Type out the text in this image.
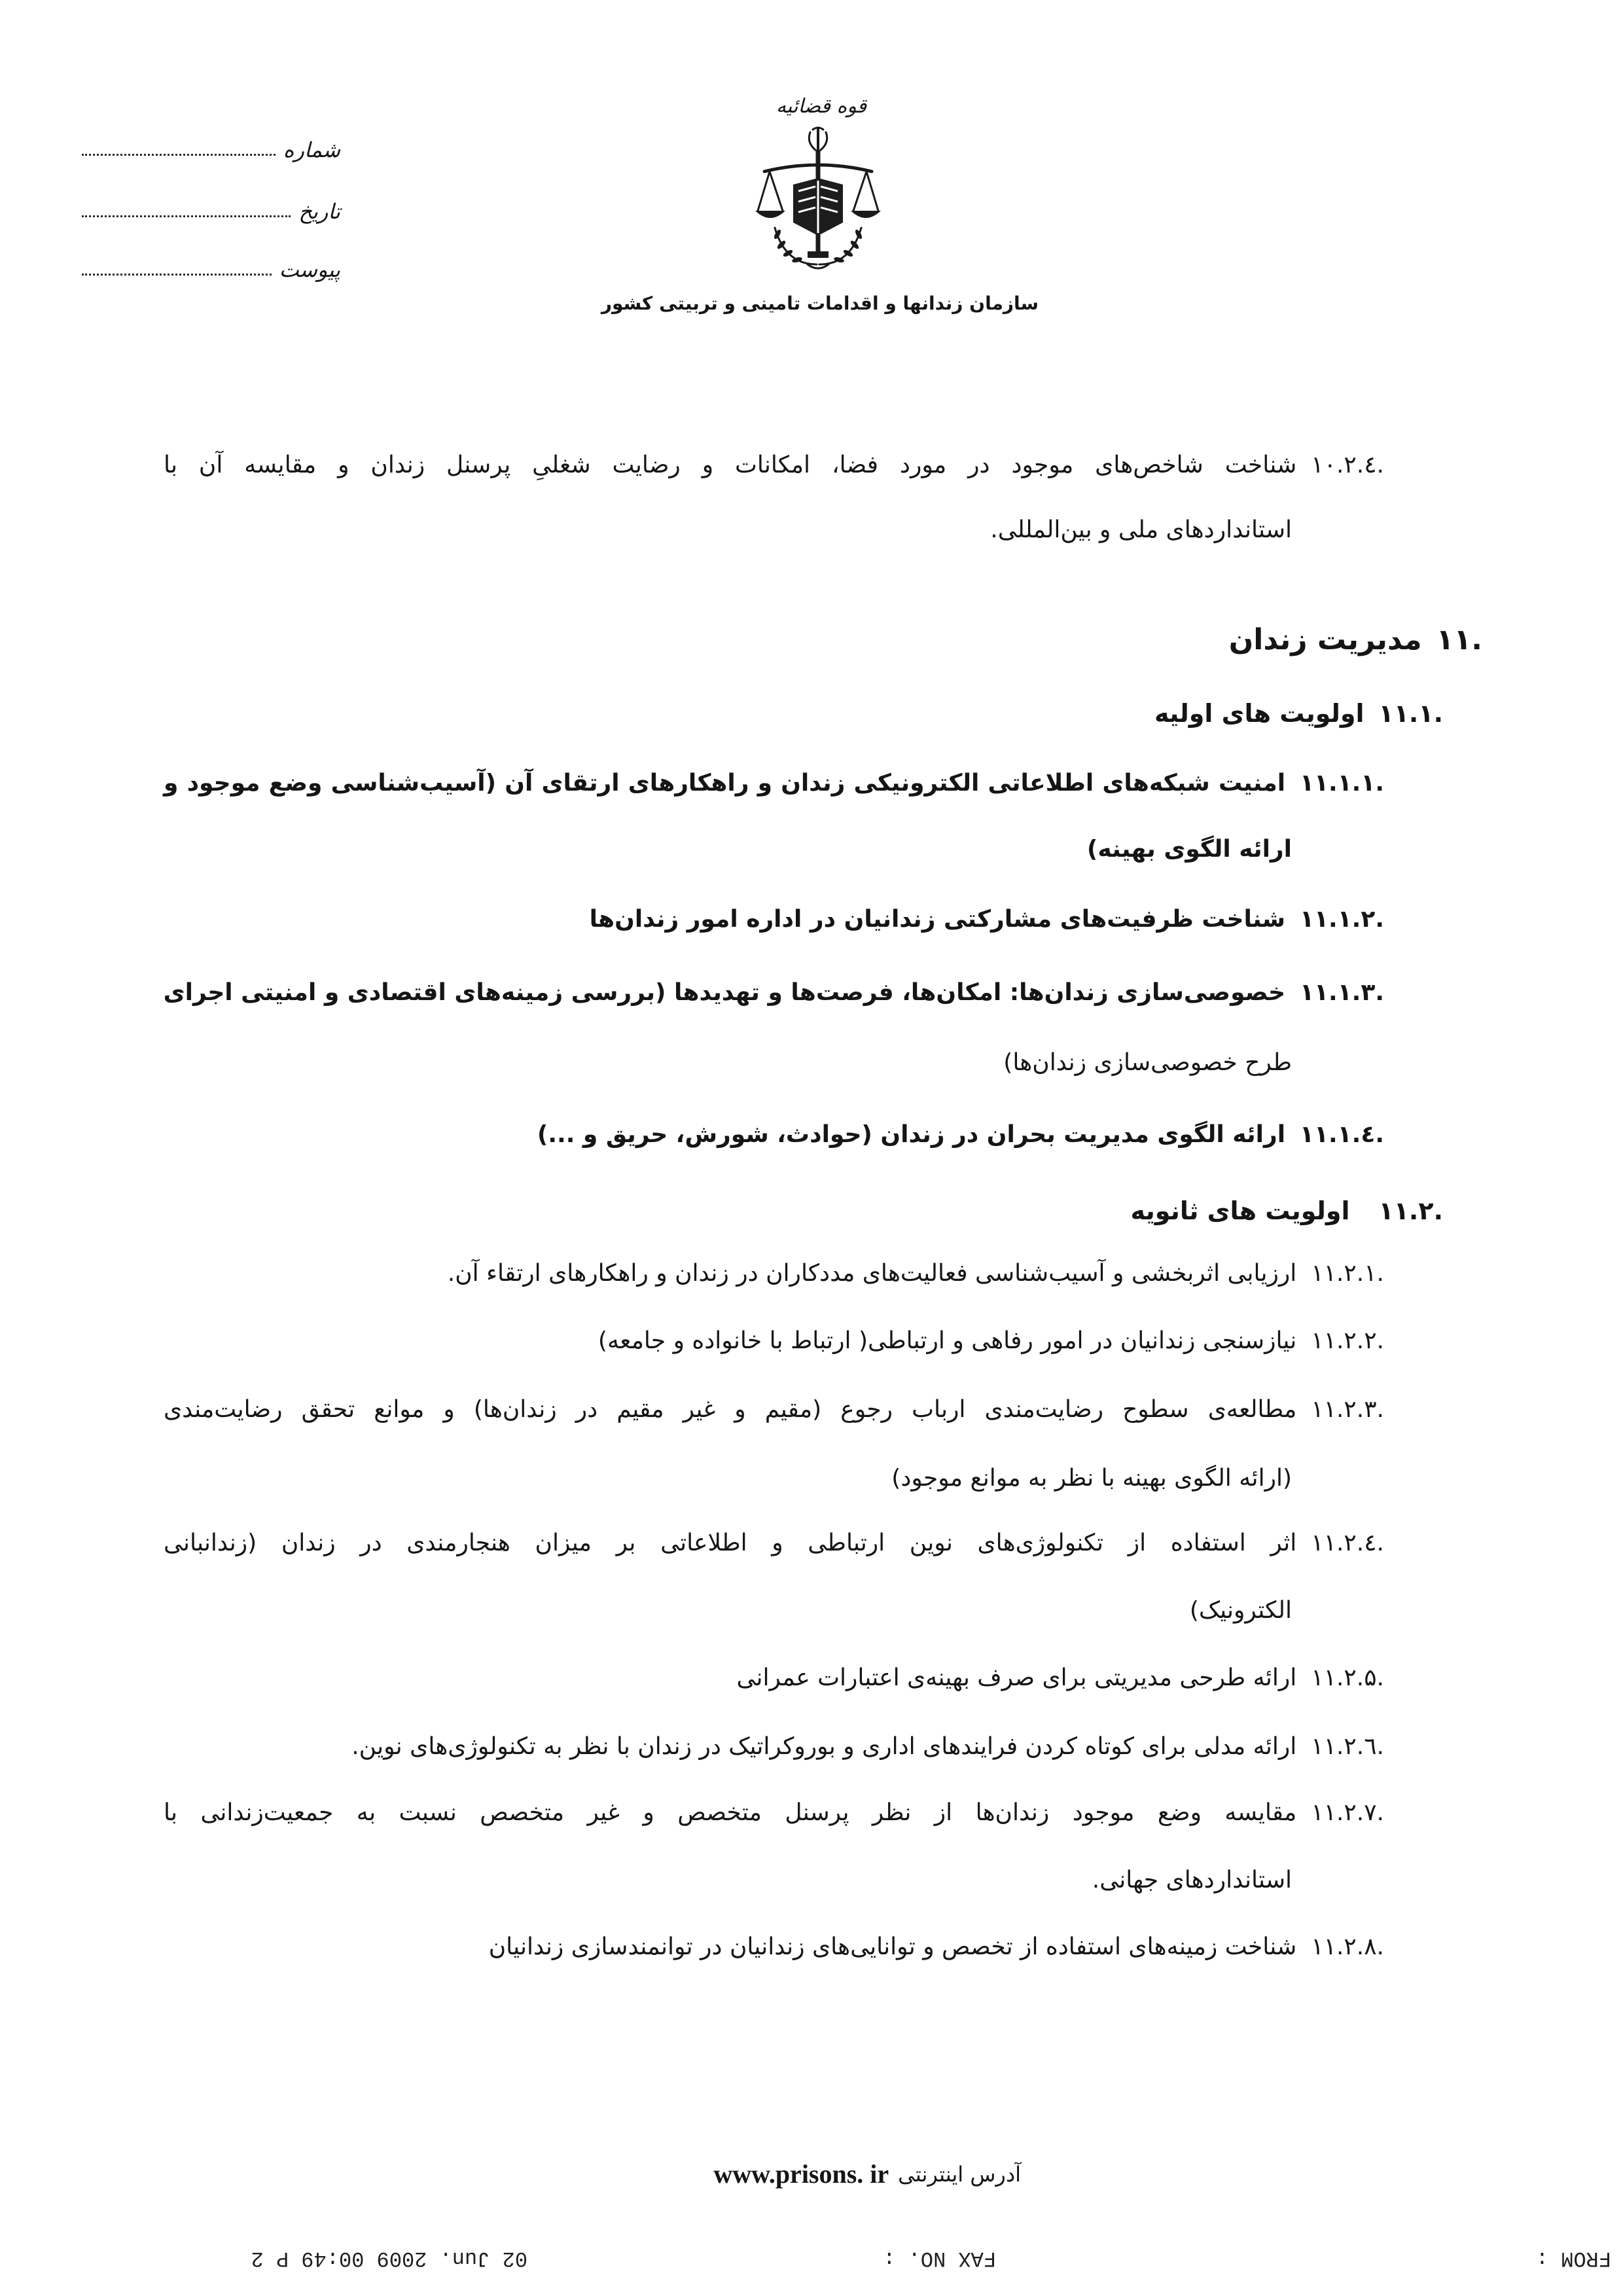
قوه قضائیه
سازمان زندانها و اقدامات تامینی و تربیتی کشور
شماره
تاریخ
پیوست
۱۰.۲.٤.
شناخت شاخص‌های موجود در مورد فضا، امکانات و رضایت شغلیِ پرسنل زندان و مقایسه آن با
استانداردهای ملی و بین‌المللی.
۱۱.
مدیریت زندان
۱۱.۱.
اولویت های اولیه
۱۱.۱.۱.
امنیت شبکه‌های اطلاعاتی الکترونیکی زندان و راهکارهای ارتقای آن (آسیب‌شناسی وضع موجود و
ارائه الگوی بهینه)
۱۱.۱.۲.
شناخت ظرفیت‌های مشارکتی زندانیان در اداره امور زندان‌ها
۱۱.۱.۳.
خصوصی‌سازی زندان‌ها: امکان‌ها، فرصت‌ها و تهدیدها (بررسی زمینه‌های اقتصادی و امنیتی اجرای
طرح خصوصی‌سازی زندان‌ها)
۱۱.۱.٤.
ارائه الگوی مدیریت بحران در زندان (حوادث، شورش، حریق و ...)
۱۱.۲.
اولویت های ثانویه
۱۱.۲.۱.
ارزیابی اثربخشی و آسیب‌شناسی فعالیت‌های مددکاران در زندان و راهکارهای ارتقاء آن.
۱۱.۲.۲.
نیازسنجی زندانیان در امور رفاهی و ارتباطی( ارتباط با خانواده و جامعه)
۱۱.۲.۳.
مطالعه‌ی سطوح رضایت‌مندی ارباب رجوع (مقیم و غیر مقیم در زندان‌ها) و موانع تحقق رضایت‌مندی
(ارائه الگوی بهینه با نظر به موانع موجود)
۱۱.۲.٤.
اثر استفاده از تکنولوژی‌های نوین ارتباطی و اطلاعاتی بر میزان هنجارمندی در زندان (زندانبانی
الکترونیک)
۱۱.۲.۵.
ارائه طرحی مدیریتی برای صرف بهینه‌ی اعتبارات عمرانی
۱۱.۲.٦.
ارائه مدلی برای کوتاه کردن فرایندهای اداری و بوروکراتیک در زندان با نظر به تکنولوژی‌های نوین.
۱۱.۲.۷.
مقایسه وضع موجود زندان‌ها از نظر پرسنل متخصص و غیر متخصص نسبت به جمعیت‌زندانی با
استانداردهای جهانی.
۱۱.۲.۸.
شناخت زمینه‌های استفاده از تخصص و توانایی‌های زندانیان در توانمندسازی زندانیان
آدرس اینترنتی
www.prisons. ir
FROM :
FAX NO. :
02 Jun. 2009 00:49 P 2
